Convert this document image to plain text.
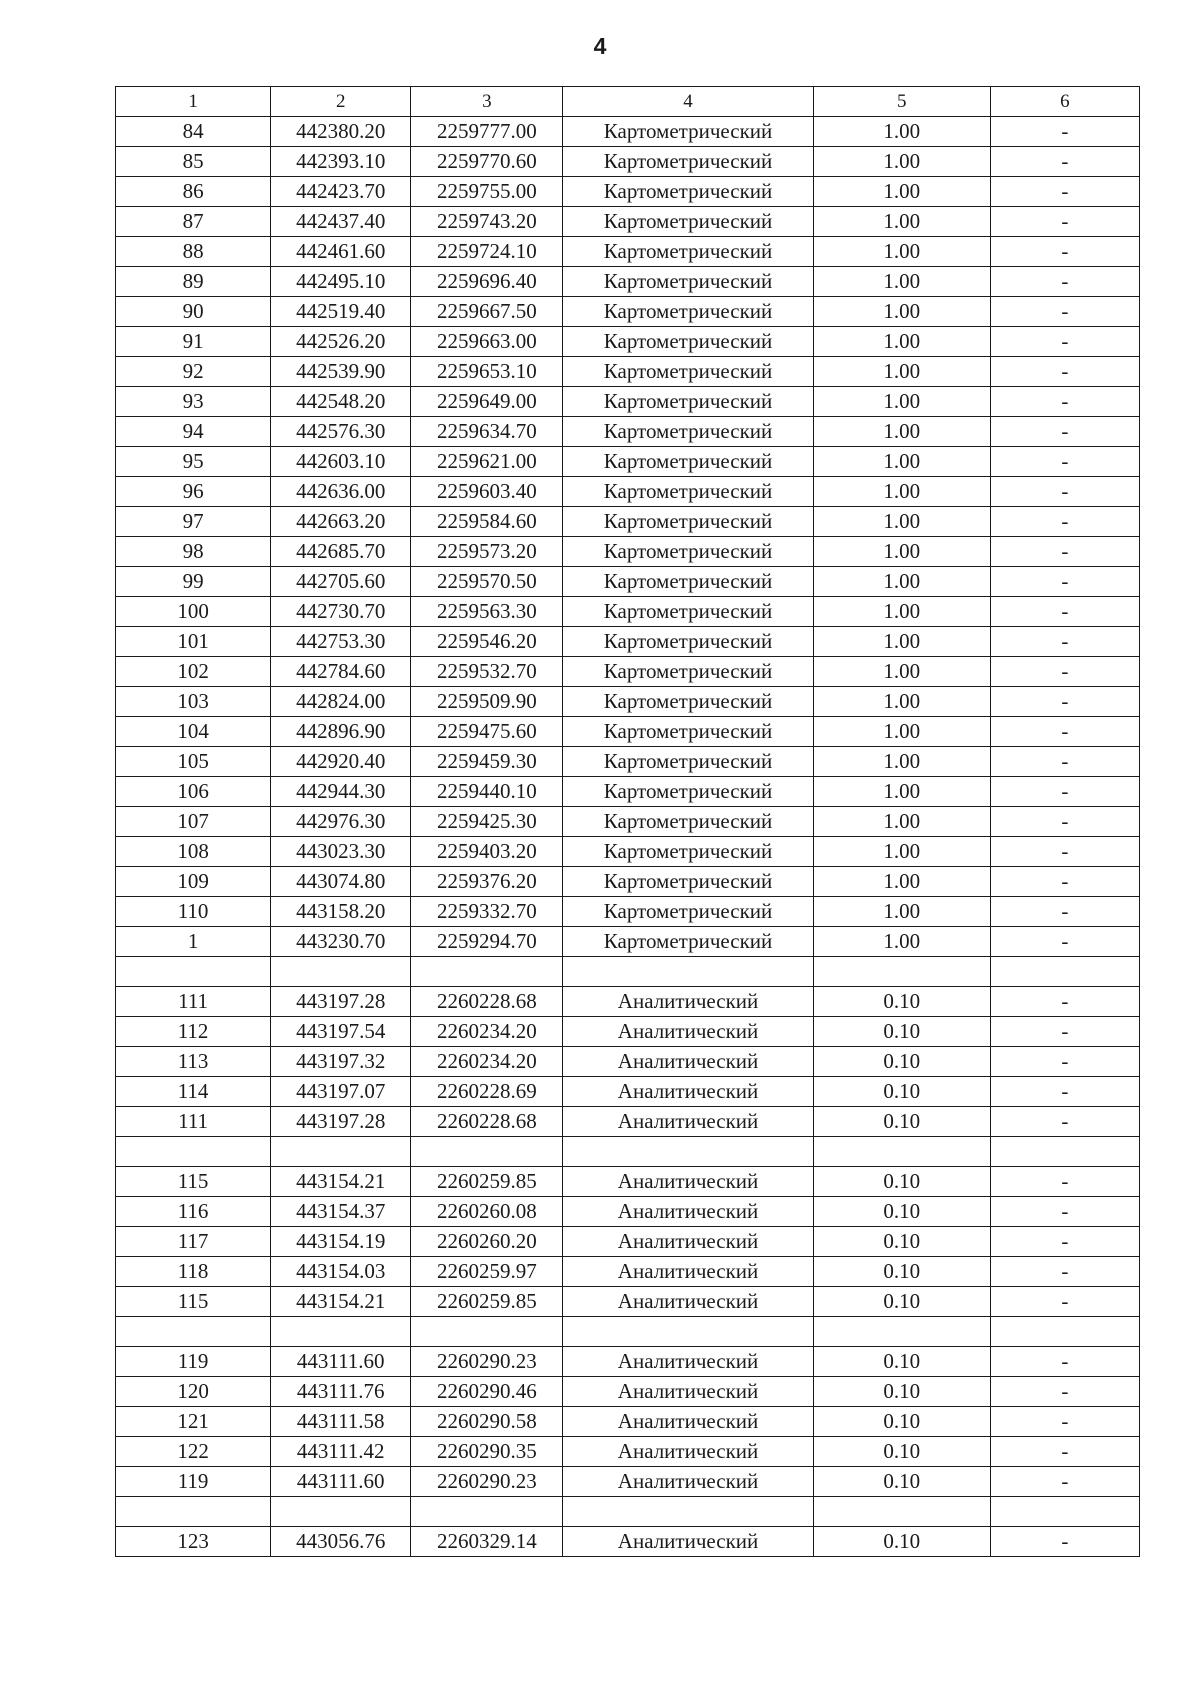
4
1	2	3	4	5	6
84	442380.20	2259777.00	Картометрический	1.00	-
85	442393.10	2259770.60	Картометрический	1.00	-
86	442423.70	2259755.00	Картометрический	1.00	-
87	442437.40	2259743.20	Картометрический	1.00	-
88	442461.60	2259724.10	Картометрический	1.00	-
89	442495.10	2259696.40	Картометрический	1.00	-
90	442519.40	2259667.50	Картометрический	1.00	-
91	442526.20	2259663.00	Картометрический	1.00	-
92	442539.90	2259653.10	Картометрический	1.00	-
93	442548.20	2259649.00	Картометрический	1.00	-
94	442576.30	2259634.70	Картометрический	1.00	-
95	442603.10	2259621.00	Картометрический	1.00	-
96	442636.00	2259603.40	Картометрический	1.00	-
97	442663.20	2259584.60	Картометрический	1.00	-
98	442685.70	2259573.20	Картометрический	1.00	-
99	442705.60	2259570.50	Картометрический	1.00	-
100	442730.70	2259563.30	Картометрический	1.00	-
101	442753.30	2259546.20	Картометрический	1.00	-
102	442784.60	2259532.70	Картометрический	1.00	-
103	442824.00	2259509.90	Картометрический	1.00	-
104	442896.90	2259475.60	Картометрический	1.00	-
105	442920.40	2259459.30	Картометрический	1.00	-
106	442944.30	2259440.10	Картометрический	1.00	-
107	442976.30	2259425.30	Картометрический	1.00	-
108	443023.30	2259403.20	Картометрический	1.00	-
109	443074.80	2259376.20	Картометрический	1.00	-
110	443158.20	2259332.70	Картометрический	1.00	-
1	443230.70	2259294.70	Картометрический	1.00	-

111	443197.28	2260228.68	Аналитический	0.10	-
112	443197.54	2260234.20	Аналитический	0.10	-
113	443197.32	2260234.20	Аналитический	0.10	-
114	443197.07	2260228.69	Аналитический	0.10	-
111	443197.28	2260228.68	Аналитический	0.10	-

115	443154.21	2260259.85	Аналитический	0.10	-
116	443154.37	2260260.08	Аналитический	0.10	-
117	443154.19	2260260.20	Аналитический	0.10	-
118	443154.03	2260259.97	Аналитический	0.10	-
115	443154.21	2260259.85	Аналитический	0.10	-

119	443111.60	2260290.23	Аналитический	0.10	-
120	443111.76	2260290.46	Аналитический	0.10	-
121	443111.58	2260290.58	Аналитический	0.10	-
122	443111.42	2260290.35	Аналитический	0.10	-
119	443111.60	2260290.23	Аналитический	0.10	-

123	443056.76	2260329.14	Аналитический	0.10	-
